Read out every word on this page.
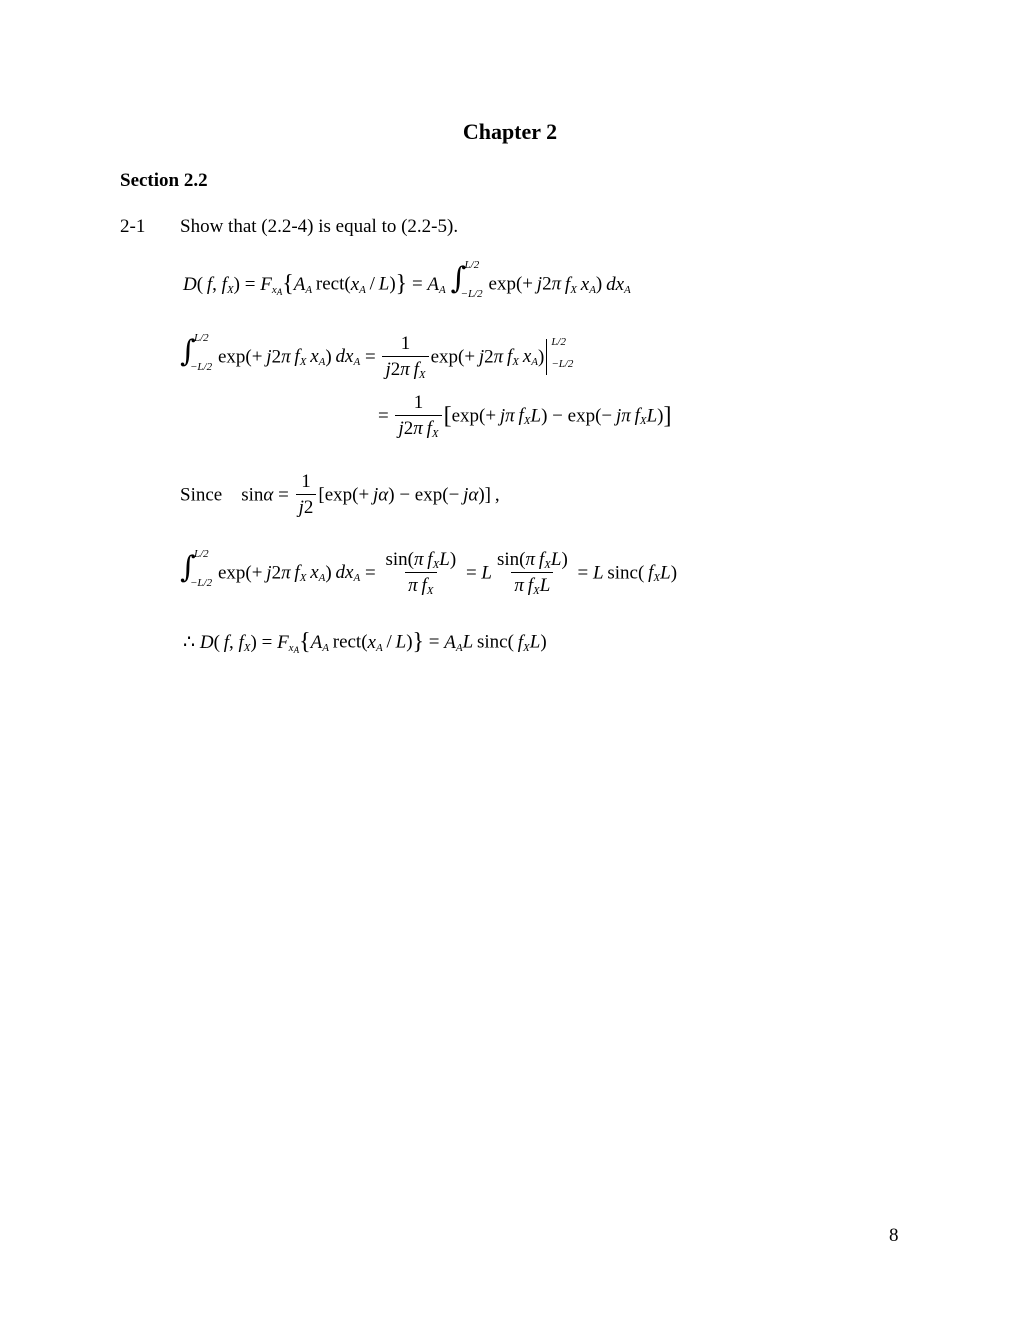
Chapter 2
Section 2.2
2-1 Show that (2.2-4) is equal to (2.2-5).
D( f, $f_X) = F_{x_A}\{A_A$ $rect(x_A / L)\} = A_A$ ∫
L/2
−L/2 exp(+ j2π  $f_X$  $x_A$) $dx_A$
∫
L/2
−L/2 exp(+ j2π  $f_X$  $x_A$) $dx_A = \frac{1}{j2\pi f_X} \exp(+ j2\pi$  $f_X$  $x_A$)
L/2
−L/2
= $\frac{1}{j2\pi f_X} [\exp(+ j\pi$  $f_XL) - \exp(- j\pi$  $f_XL$)]
Since $\sin\alpha = \frac{1}{j2} [\exp(+ j\alpha) - \exp(- j\alpha)]$ ,
∫
L/2
−L/2 exp(+ j2π  $f_X$  $x_A$) $dx_A = \frac{\sin(\pi f_XL)}{\pi f_X} = L \frac{\sin(\pi f_XL)}{\pi f_XL} = L$ sinc( $f_XL$)
∴ D( f, $f_X) = F_{x_A}\{A_A$ $rect(x_A / L)\} = A_AL$ sinc( $f_XL$)
8
